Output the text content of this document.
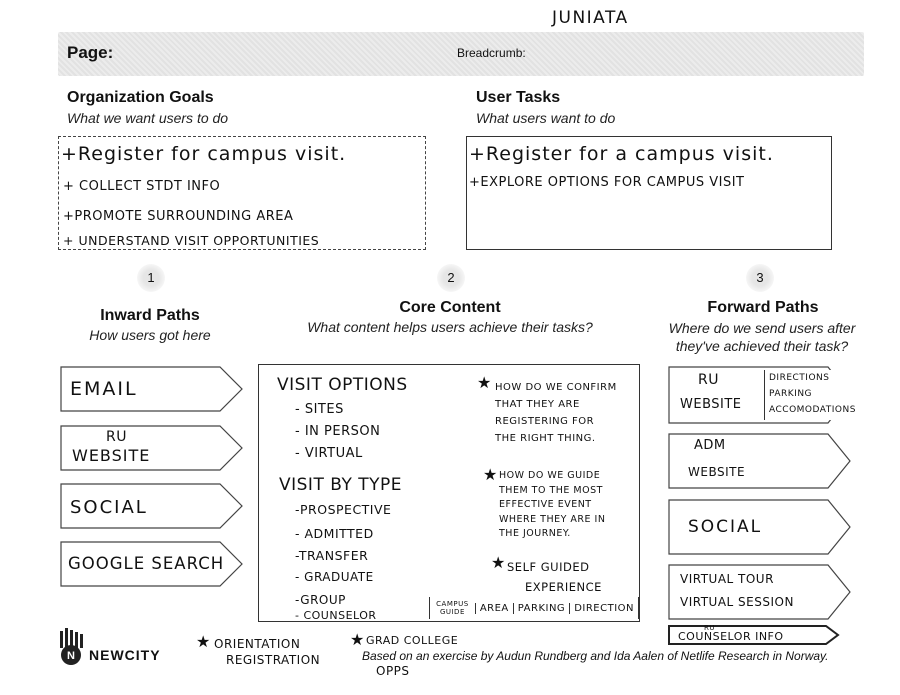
JUNIATA
Page:	Breadcrumb:
Organization Goals
What we want users to do
+Register for campus visit.
+ COLLECT STDT INFO
+PROMOTE SURROUNDING AREA
+ UNDERSTAND VISIT OPPORTUNITIES
User Tasks
What users want to do
+Register for a campus visit.
+EXPLORE OPTIONS FOR CAMPUS VISIT
1	2	3
Inward Paths
How users got here
EMAIL
RU
WEBSITE
SOCIAL
GOOGLE SEARCH
Core Content
What content helps users achieve their tasks?
VISIT OPTIONS
- SITES
- IN PERSON
- VIRTUAL
VISIT BY TYPE
-PROSPECTIVE
- ADMITTED
-TRANSFER
- GRADUATE
-GROUP
- COUNSELOR
★ HOW DO WE CONFIRM
THAT THEY ARE
REGISTERING FOR
THE RIGHT THING.
★ HOW DO WE GUIDE
THEM TO THE MOST
EFFECTIVE EVENT
WHERE THEY ARE IN
THE JOURNEY.
★ SELF GUIDED
EXPERIENCE
CAMPUS GUIDE	AREA PARKING DIRECTION
Forward Paths
Where do we send users after
they've achieved their task?
RU
WEBSITE
DIRECTIONS
PARKING
ACCOMODATIONS
ADM
WEBSITE
SOCIAL
VIRTUAL TOUR
VIRTUAL SESSION
RU
COUNSELOR INFO
N NEWCITY
★ ORIENTATION
REGISTRATION
★ GRAD COLLEGE
OPPS
Based on an exercise by Audun Rundberg and Ida Aalen of Netlife Research in Norway.
